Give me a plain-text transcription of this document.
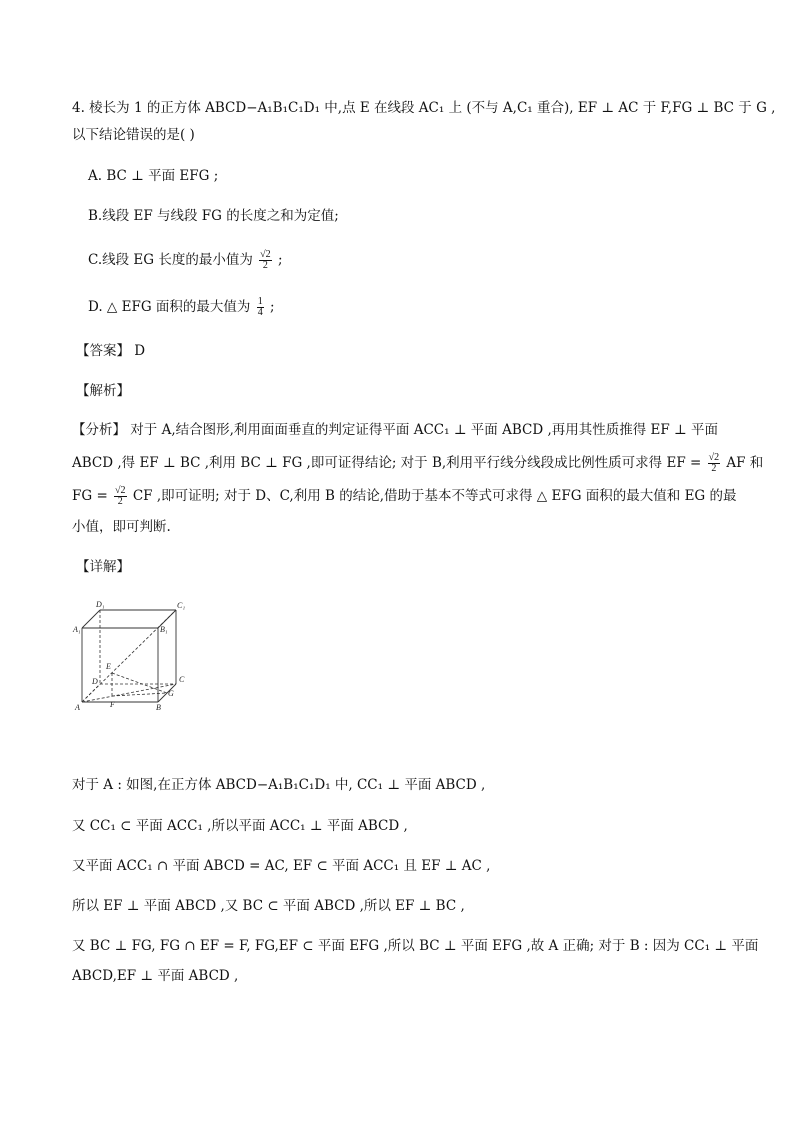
4. 棱长为 1 的正方体 ABCD−A₁B₁C₁D₁ 中,点 E 在线段 AC₁ 上 (不与 A,C₁ 重合), EF ⊥ AC 于 F,FG ⊥ BC 于 G ,
以下结论错误的是( )
A. BC ⊥ 平面 EFG ;
B.线段 EF 与线段 FG 的长度之和为定值;
C.线段 EG 长度的最小值为 $\frac{√2}{2}$ ;
D. △ EFG 面积的最大值为 $\frac{1}{4}$ ;
【答案】 D
【解析】
【分析】 对于 A,结合图形,利用面面垂直的判定证得平面 ACC₁ ⊥ 平面 ABCD ,再用其性质推得 EF ⊥ 平面
ABCD ,得 EF ⊥ BC ,利用 BC ⊥ FG ,即可证得结论; 对于 B,利用平行线分线段成比例性质可求得 EF = $\frac{√2}{2}$ AF 和
FG = $\frac{√2}{2}$ CF ,即可证明; 对于 D、C,利用 B 的结论,借助于基本不等式可求得 △ EFG 面积的最大值和 EG 的最
小值，即可判断.
【详解】
D₁	C₁
A₁	B₁
E
D	C
G
A	F	B
对于 A : 如图,在正方体 ABCD−A₁B₁C₁D₁ 中, CC₁ ⊥ 平面 ABCD ,
又 CC₁ ⊂ 平面 ACC₁ ,所以平面 ACC₁ ⊥ 平面 ABCD ,
又平面 ACC₁ ∩ 平面 ABCD = AC, EF ⊂ 平面 ACC₁ 且 EF ⊥ AC ,
所以 EF ⊥ 平面 ABCD ,又 BC ⊂ 平面 ABCD ,所以 EF ⊥ BC ,
又 BC ⊥ FG, FG ∩ EF = F, FG,EF ⊂ 平面 EFG ,所以 BC ⊥ 平面 EFG ,故 A 正确; 对于 B : 因为 CC₁ ⊥ 平面
ABCD,EF ⊥ 平面 ABCD ,
